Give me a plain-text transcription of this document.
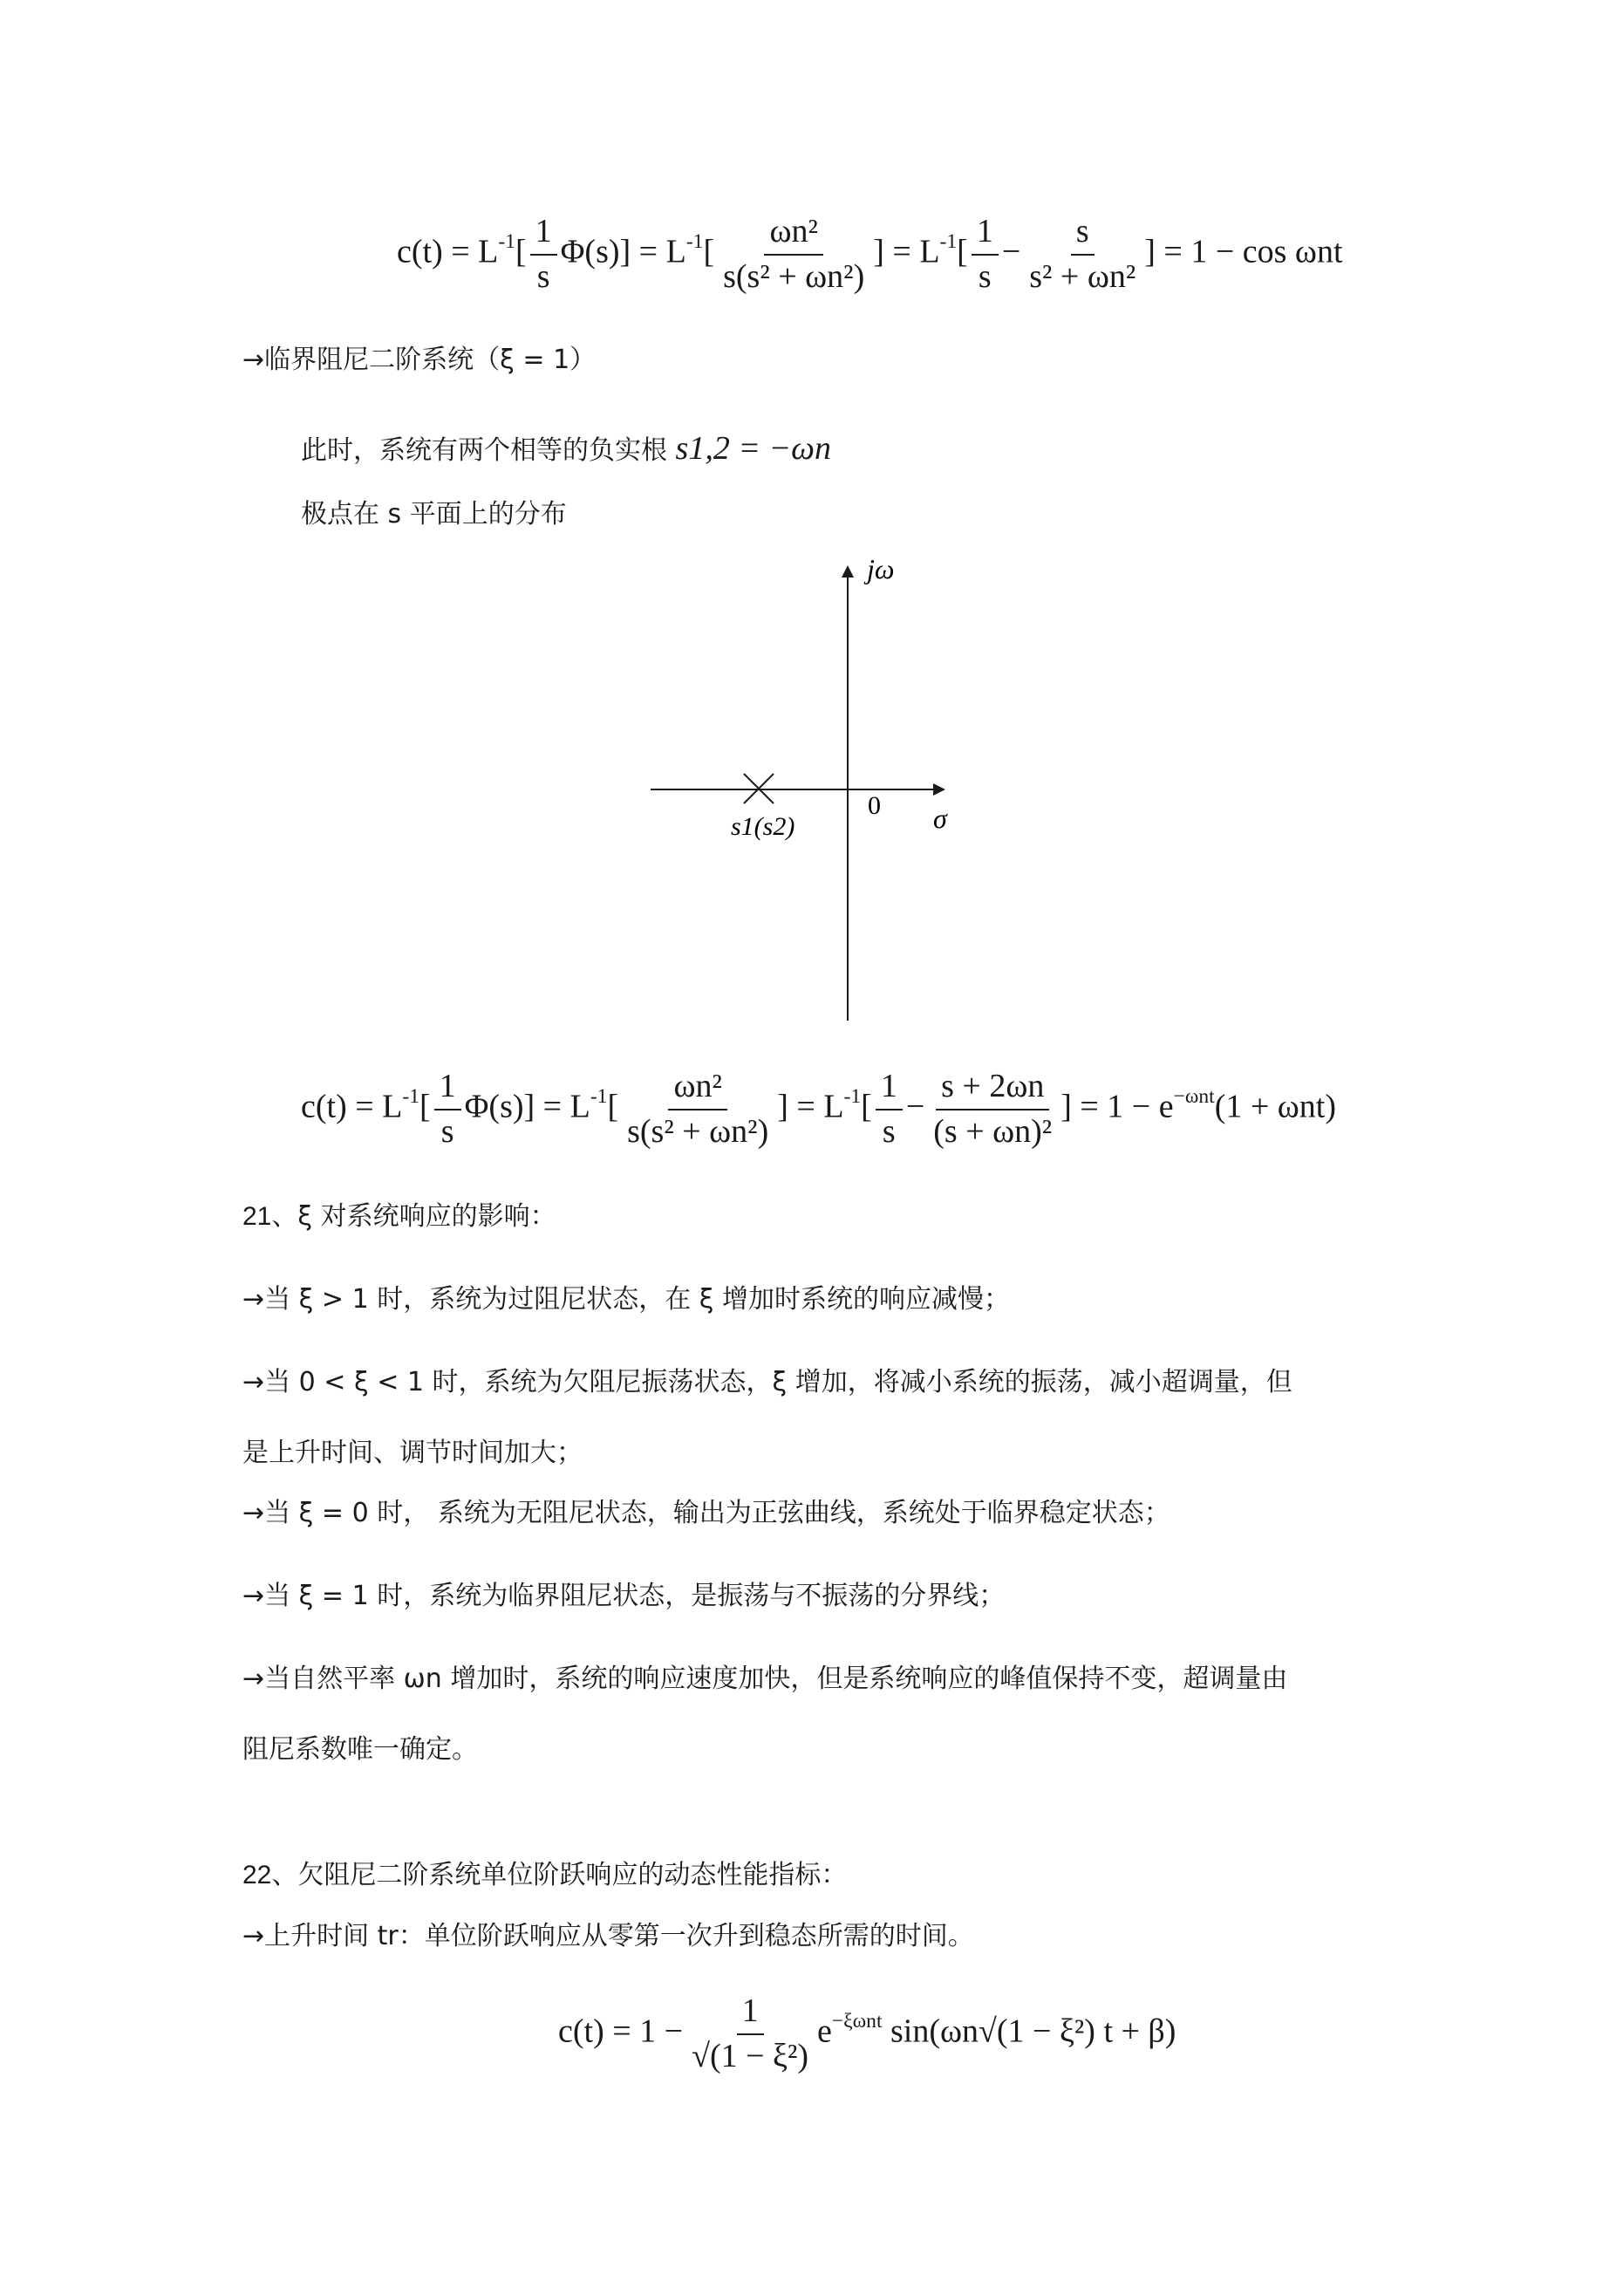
$c(t) = L^{-1}[ \frac{1}{s} \Phi(s)] = L^{-1}[ \frac{\text{ωn²}}{\text{s(s² + ωn²)}}$ ] = $L^{-1}[ \frac{1}{s} - \frac{s}{\text{s² + ωn²}}$ ] = 1 − cos ωnt
→临界阻尼二阶系统（ξ = 1）
此时，系统有两个相等的负实根 s1,2 = −ωn
极点在 s 平面上的分布
jω
0 σ
s1(s2)
$c(t) = L^{-1}[ \frac{1}{s} \Phi(s)] = L^{-1}[ \frac{\text{ωn²}}{\text{s(s² + ωn²)}}$ ] = $L^{-1}[ \frac{1}{s} - \frac{s + 2\omega n}{\text{(s + ωn)²}}$ ] = $1 - e^{-\omega nt}(1 + \omega nt)$
21、ξ 对系统响应的影响：
→当 ξ > 1 时，系统为过阻尼状态，在 ξ 增加时系统的响应减慢；
→当 0 < ξ < 1 时，系统为欠阻尼振荡状态，ξ 增加，将减小系统的振荡，减小超调量，但
是上升时间、调节时间加大；
→当 ξ = 0 时， 系统为无阻尼状态，输出为正弦曲线，系统处于临界稳定状态；
→当 ξ = 1 时，系统为临界阻尼状态，是振荡与不振荡的分界线；
→当自然平率 ωn 增加时，系统的响应速度加快，但是系统响应的峰值保持不变，超调量由
阻尼系数唯一确定。
22、欠阻尼二阶系统单位阶跃响应的动态性能指标：
→上升时间 tr：单位阶跃响应从零第一次升到稳态所需的时间。
$c(t) = 1 - \frac{1}{\text{√(1 − ξ²)}} e^{-\xi\omega nt}$ sin(ωn√(1 − ξ²) t + β)
